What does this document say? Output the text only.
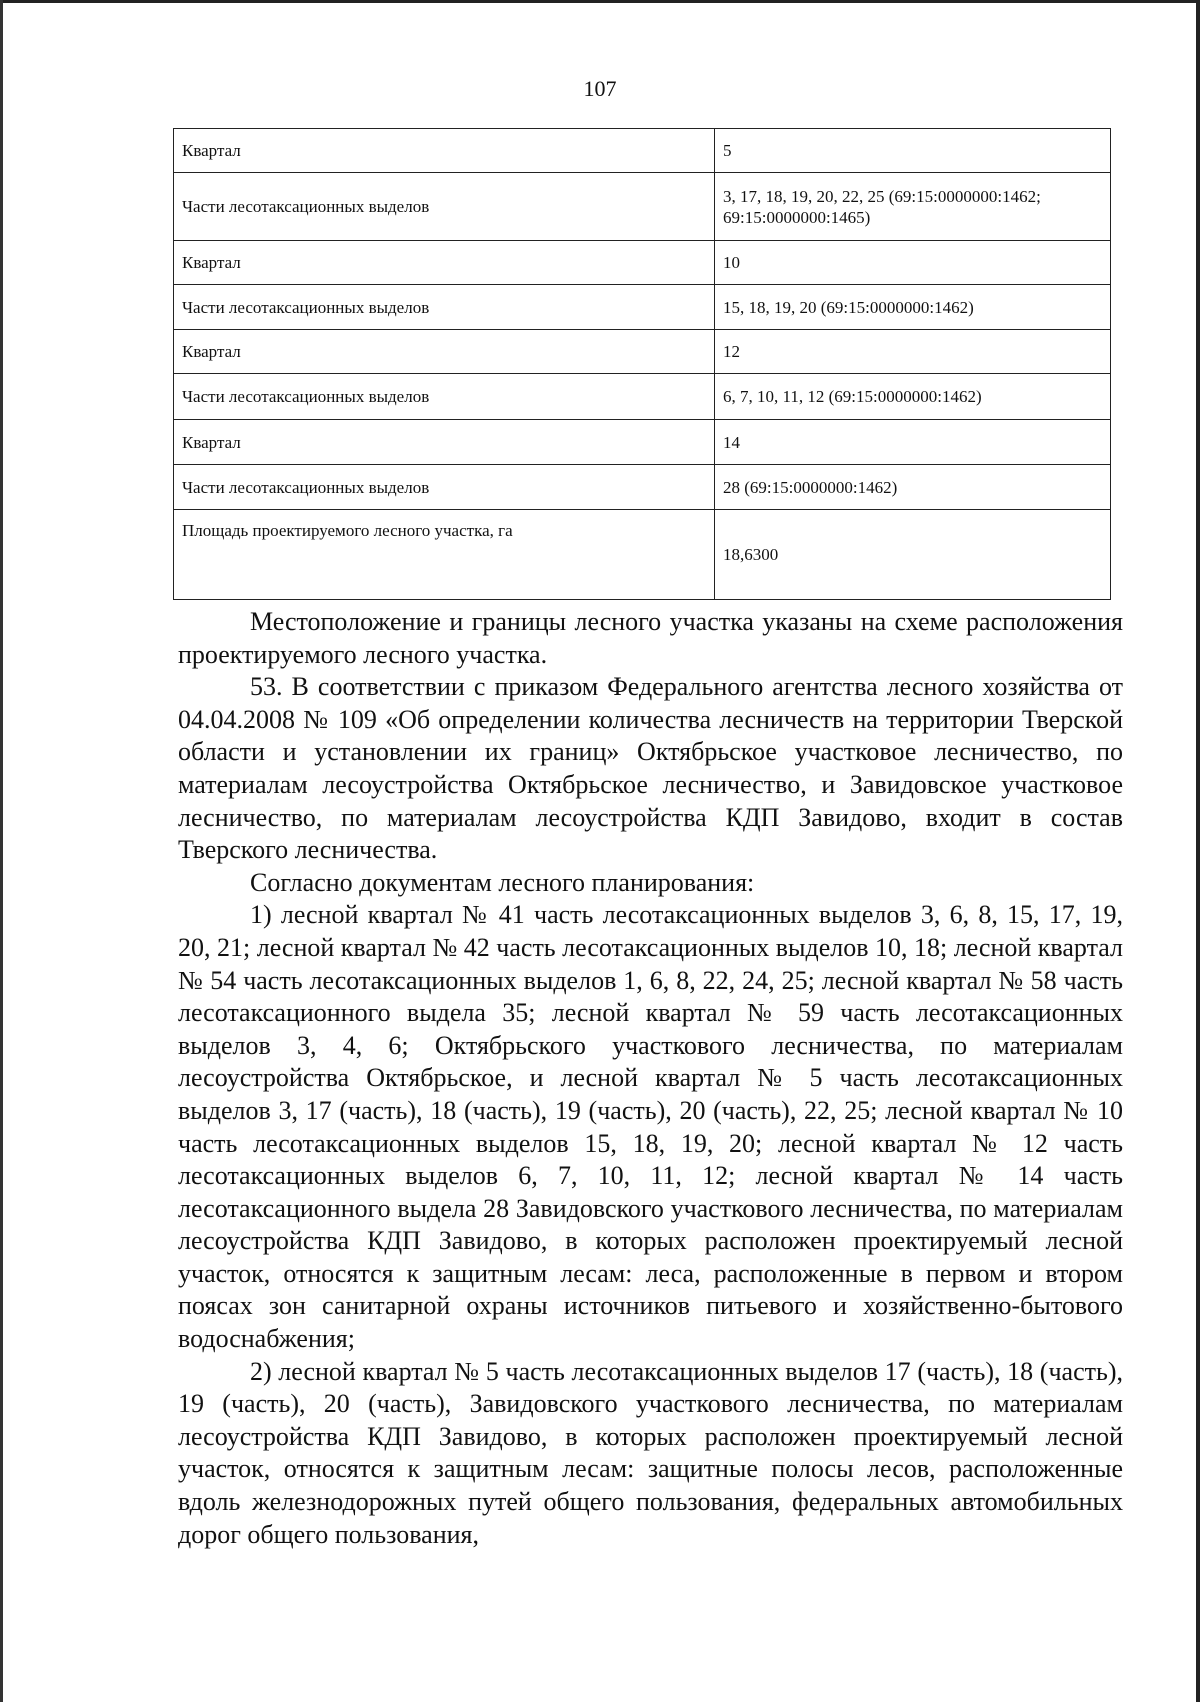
107
Квартал	5
Части лесотаксационных выделов	3, 17, 18, 19, 20, 22, 25 (69:15:0000000:1462; 69:15:0000000:1465)
Квартал	10
Части лесотаксационных выделов	15, 18, 19, 20 (69:15:0000000:1462)
Квартал	12
Части лесотаксационных выделов	6, 7, 10, 11, 12 (69:15:0000000:1462)
Квартал	14
Части лесотаксационных выделов	28 (69:15:0000000:1462)
Площадь проектируемого лесного участка, га	18,6300

Местоположение и границы лесного участка указаны на схеме расположения проектируемого лесного участка.

53. В соответствии с приказом Федерального агентства лесного хозяйства от 04.04.2008 № 109 «Об определении количества лесничеств на территории Тверской области и установлении их границ» Октябрьское участковое лесничество, по материалам лесоустройства Октябрьское лесничество, и Завидовское участковое лесничество, по материалам лесоустройства КДП Завидово, входит в состав Тверского лесничества.

Согласно документам лесного планирования:

1) лесной квартал № 41 часть лесотаксационных выделов 3, 6, 8, 15, 17, 19, 20, 21; лесной квартал № 42 часть лесотаксационных выделов 10, 18; лесной квартал № 54 часть лесотаксационных выделов 1, 6, 8, 22, 24, 25; лесной квартал № 58 часть лесотаксационного выдела 35; лесной квартал № 59 часть лесотаксационных выделов 3, 4, 6; Октябрьского участкового лесничества, по материалам лесоустройства Октябрьское, и лесной квартал № 5 часть лесотаксационных выделов 3, 17 (часть), 18 (часть), 19 (часть), 20 (часть), 22, 25; лесной квартал № 10 часть лесотаксационных выделов 15, 18, 19, 20; лесной квартал № 12 часть лесотаксационных выделов 6, 7, 10, 11, 12; лесной квартал № 14 часть лесотаксационного выдела 28 Завидовского участкового лесничества, по материалам лесоустройства КДП Завидово, в которых расположен проектируемый лесной участок, относятся к защитным лесам: леса, расположенные в первом и втором поясах зон санитарной охраны источников питьевого и хозяйственно-бытового водоснабжения;

2) лесной квартал № 5 часть лесотаксационных выделов 17 (часть), 18 (часть), 19 (часть), 20 (часть), Завидовского участкового лесничества, по материалам лесоустройства КДП Завидово, в которых расположен проектируемый лесной участок, относятся к защитным лесам: защитные полосы лесов, расположенные вдоль железнодорожных путей общего пользования, федеральных автомобильных дорог общего пользования,
